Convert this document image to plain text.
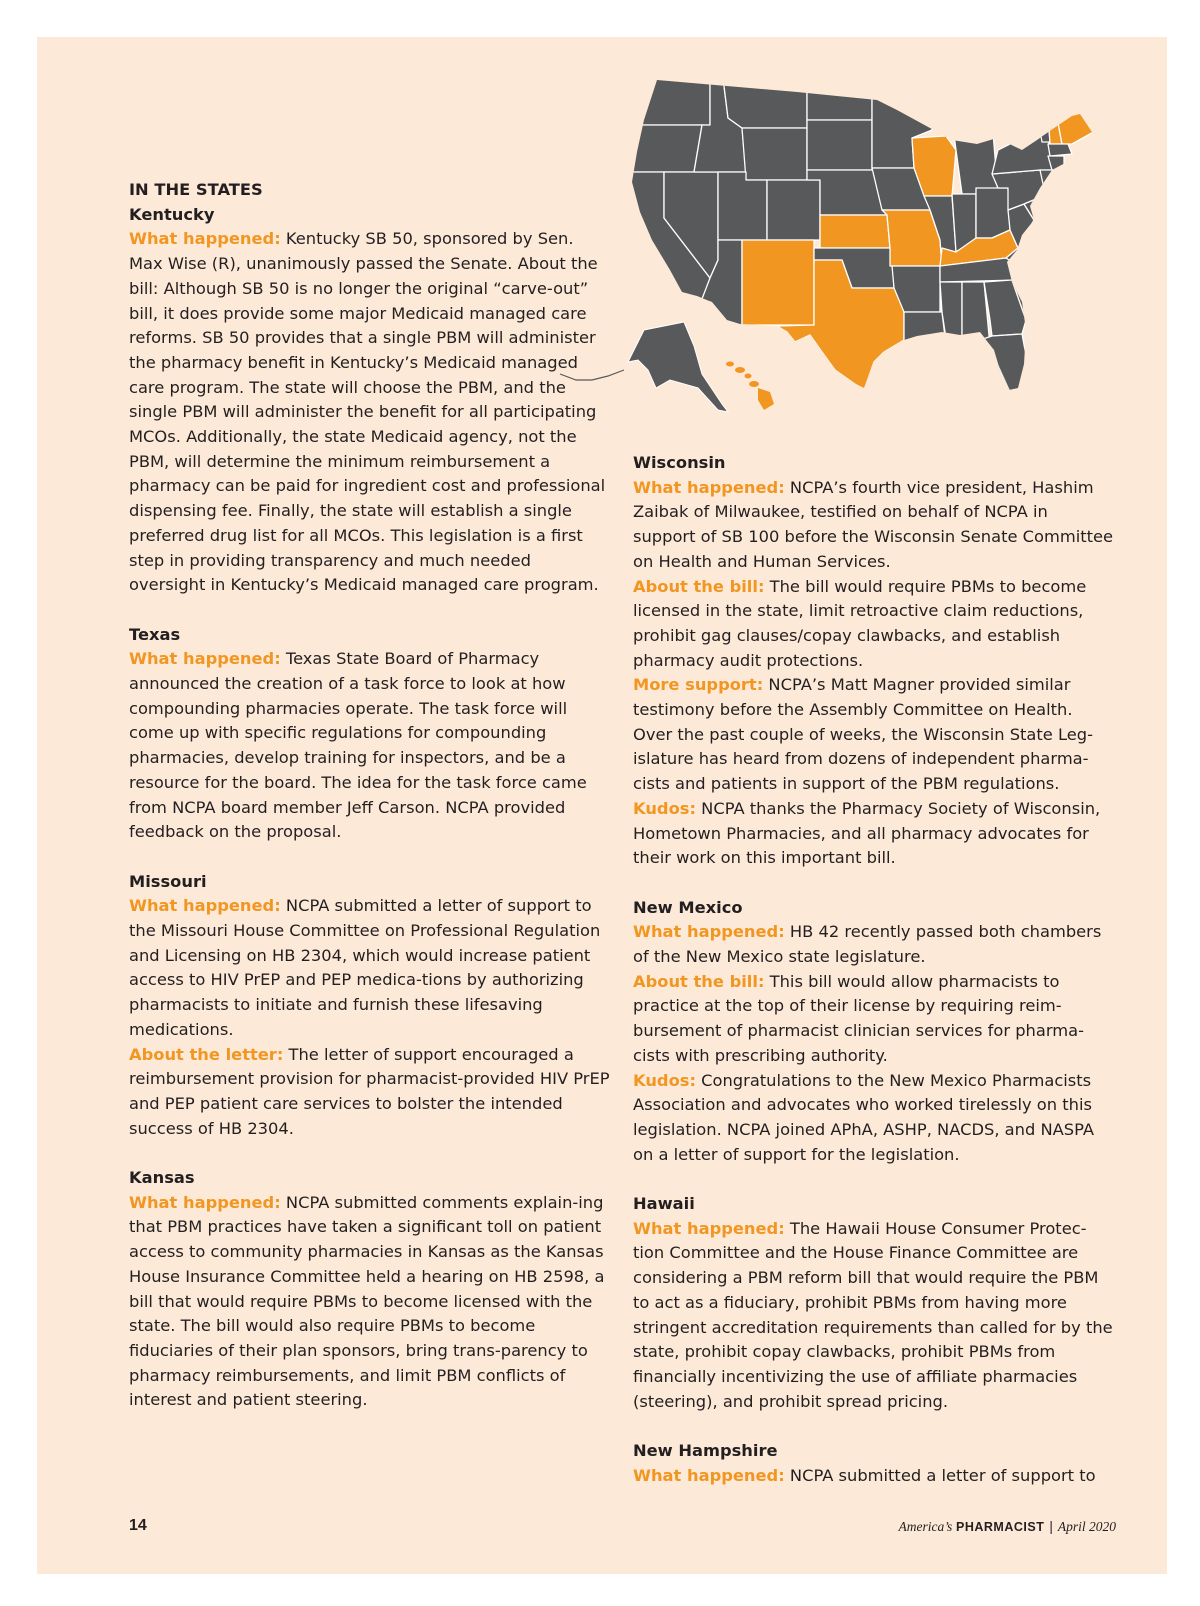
IN THE STATES

Kentucky

What happened: Kentucky SB 50, sponsored by Sen. Max Wise (R), unanimously passed the Senate. About the bill: Although SB 50 is no longer the original “carve-out” bill, it does provide some major Medicaid managed care reforms. SB 50 provides that a single PBM will administer the pharmacy benefit in Kentucky’s Medicaid managed care program. The state will choose the PBM, and the single PBM will administer the benefit for all participating MCOs. Additionally, the state Medicaid agency, not the PBM, will determine the minimum reimbursement a pharmacy can be paid for ingredient cost and professional dispensing fee. Finally, the state will establish a single preferred drug list for all MCOs. This legislation is a first step in providing transparency and much needed oversight in Kentucky’s Medicaid managed care program.

Texas

What happened: Texas State Board of Pharmacy announced the creation of a task force to look at how compounding pharmacies operate. The task force will come up with specific regulations for compounding pharmacies, develop training for inspectors, and be a resource for the board. The idea for the task force came from NCPA board member Jeff Carson. NCPA provided feedback on the proposal.

Missouri

What happened: NCPA submitted a letter of support to the Missouri House Committee on Professional Regulation and Licensing on HB 2304, which would increase patient access to HIV PrEP and PEP medica-tions by authorizing pharmacists to initiate and furnish these lifesaving medications.

About the letter: The letter of support encouraged a reimbursement provision for pharmacist-provided HIV PrEP and PEP patient care services to bolster the intended success of HB 2304.

Kansas

What happened: NCPA submitted comments explain-ing that PBM practices have taken a significant toll on patient access to community pharmacies in Kansas as the Kansas House Insurance Committee held a hearing on HB 2598, a bill that would require PBMs to become licensed with the state. The bill would also require PBMs to become fiduciaries of their plan sponsors, bring trans-parency to pharmacy reimbursements, and limit PBM conflicts of interest and patient steering.

Wisconsin

What happened: NCPA’s fourth vice president, Hashim Zaibak of Milwaukee, testified on behalf of NCPA in support of SB 100 before the Wisconsin Senate Committee on Health and Human Services.

About the bill: The bill would require PBMs to become licensed in the state, limit retroactive claim reductions, prohibit gag clauses/copay clawbacks, and establish pharmacy audit protections.

More support: NCPA’s Matt Magner provided similar testimony before the Assembly Committee on Health. Over the past couple of weeks, the Wisconsin State Leg-islature has heard from dozens of independent pharma-cists and patients in support of the PBM regulations.

Kudos: NCPA thanks the Pharmacy Society of Wisconsin, Hometown Pharmacies, and all pharmacy advocates for their work on this important bill.

New Mexico

What happened: HB 42 recently passed both chambers of the New Mexico state legislature.

About the bill: This bill would allow pharmacists to practice at the top of their license by requiring reim-bursement of pharmacist clinician services for pharma-cists with prescribing authority.

Kudos: Congratulations to the New Mexico Pharmacists Association and advocates who worked tirelessly on this legislation. NCPA joined APhA, ASHP, NACDS, and NASPA on a letter of support for the legislation.

Hawaii

What happened: The Hawaii House Consumer Protec-tion Committee and the House Finance Committee are considering a PBM reform bill that would require the PBM to act as a fiduciary, prohibit PBMs from having more stringent accreditation requirements than called for by the state, prohibit copay clawbacks, prohibit PBMs from financially incentivizing the use of affiliate pharmacies (steering), and prohibit spread pricing.

New Hampshire

What happened: NCPA submitted a letter of support to

14	America’s PHARMACIST | April 2020
